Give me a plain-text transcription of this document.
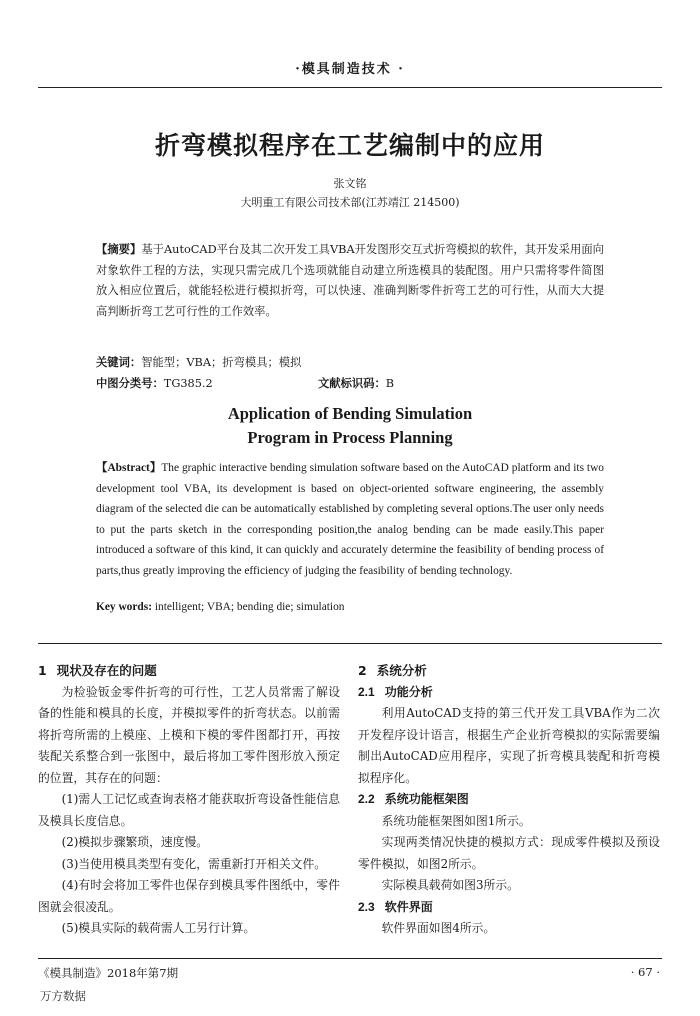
·模具制造技术 ·
折弯模拟程序在工艺编制中的应用
张文铭
大明重工有限公司技术部(江苏靖江 214500)
【摘要】基于AutoCAD平台及其二次开发工具VBA开发图形交互式折弯模拟的软件，其开发采用面向对象软件工程的方法，实现只需完成几个选项就能自动建立所选模具的装配图。用户只需将零件简图放入相应位置后，就能轻松进行模拟折弯，可以快速、准确判断零件折弯工艺的可行性，从而大大提高判断折弯工艺可行性的工作效率。
关键词：智能型；VBA；折弯模具；模拟
中图分类号：TG385.2	文献标识码：B
Application of Bending Simulation
Program in Process Planning
【Abstract】The graphic interactive bending simulation software based on the AutoCAD platform and its two development tool VBA, its development is based on object-oriented software engineering, the assembly diagram of the selected die can be automatically established by completing several options.The user only needs to put the parts sketch in the corresponding position,the analog bending can be made easily.This paper introduced a software of this kind, it can quickly and accurately determine the feasibility of bending process of parts,thus greatly improving the efficiency of judging the feasibility of bending technology.
Key words: intelligent; VBA; bending die; simulation
1 现状及存在的问题
为检验钣金零件折弯的可行性，工艺人员常需了解设备的性能和模具的长度，并模拟零件的折弯状态。以前需将折弯所需的上模座、上模和下模的零件图都打开，再按装配关系整合到一张图中，最后将加工零件图形放入预定的位置，其存在的问题：
(1)需人工记忆或查询表格才能获取折弯设备性能信息及模具长度信息。
(2)模拟步骤繁琐，速度慢。
(3)当使用模具类型有变化，需重新打开相关文件。
(4)有时会将加工零件也保存到模具零件图纸中，零件图就会很凌乱。
(5)模具实际的载荷需人工另行计算。
2 系统分析
2.1 功能分析
利用AutoCAD支持的第三代开发工具VBA作为二次开发程序设计语言，根据生产企业折弯模拟的实际需要编制出AutoCAD应用程序，实现了折弯模具装配和折弯模拟程序化。
2.2 系统功能框架图
系统功能框架图如图1所示。
实现两类情况快捷的模拟方式：现成零件模拟及预设零件模拟，如图2所示。
实际模具载荷如图3所示。
2.3 软件界面
软件界面如图4所示。
《模具制造》2018年第7期	· 67 ·
万方数据
